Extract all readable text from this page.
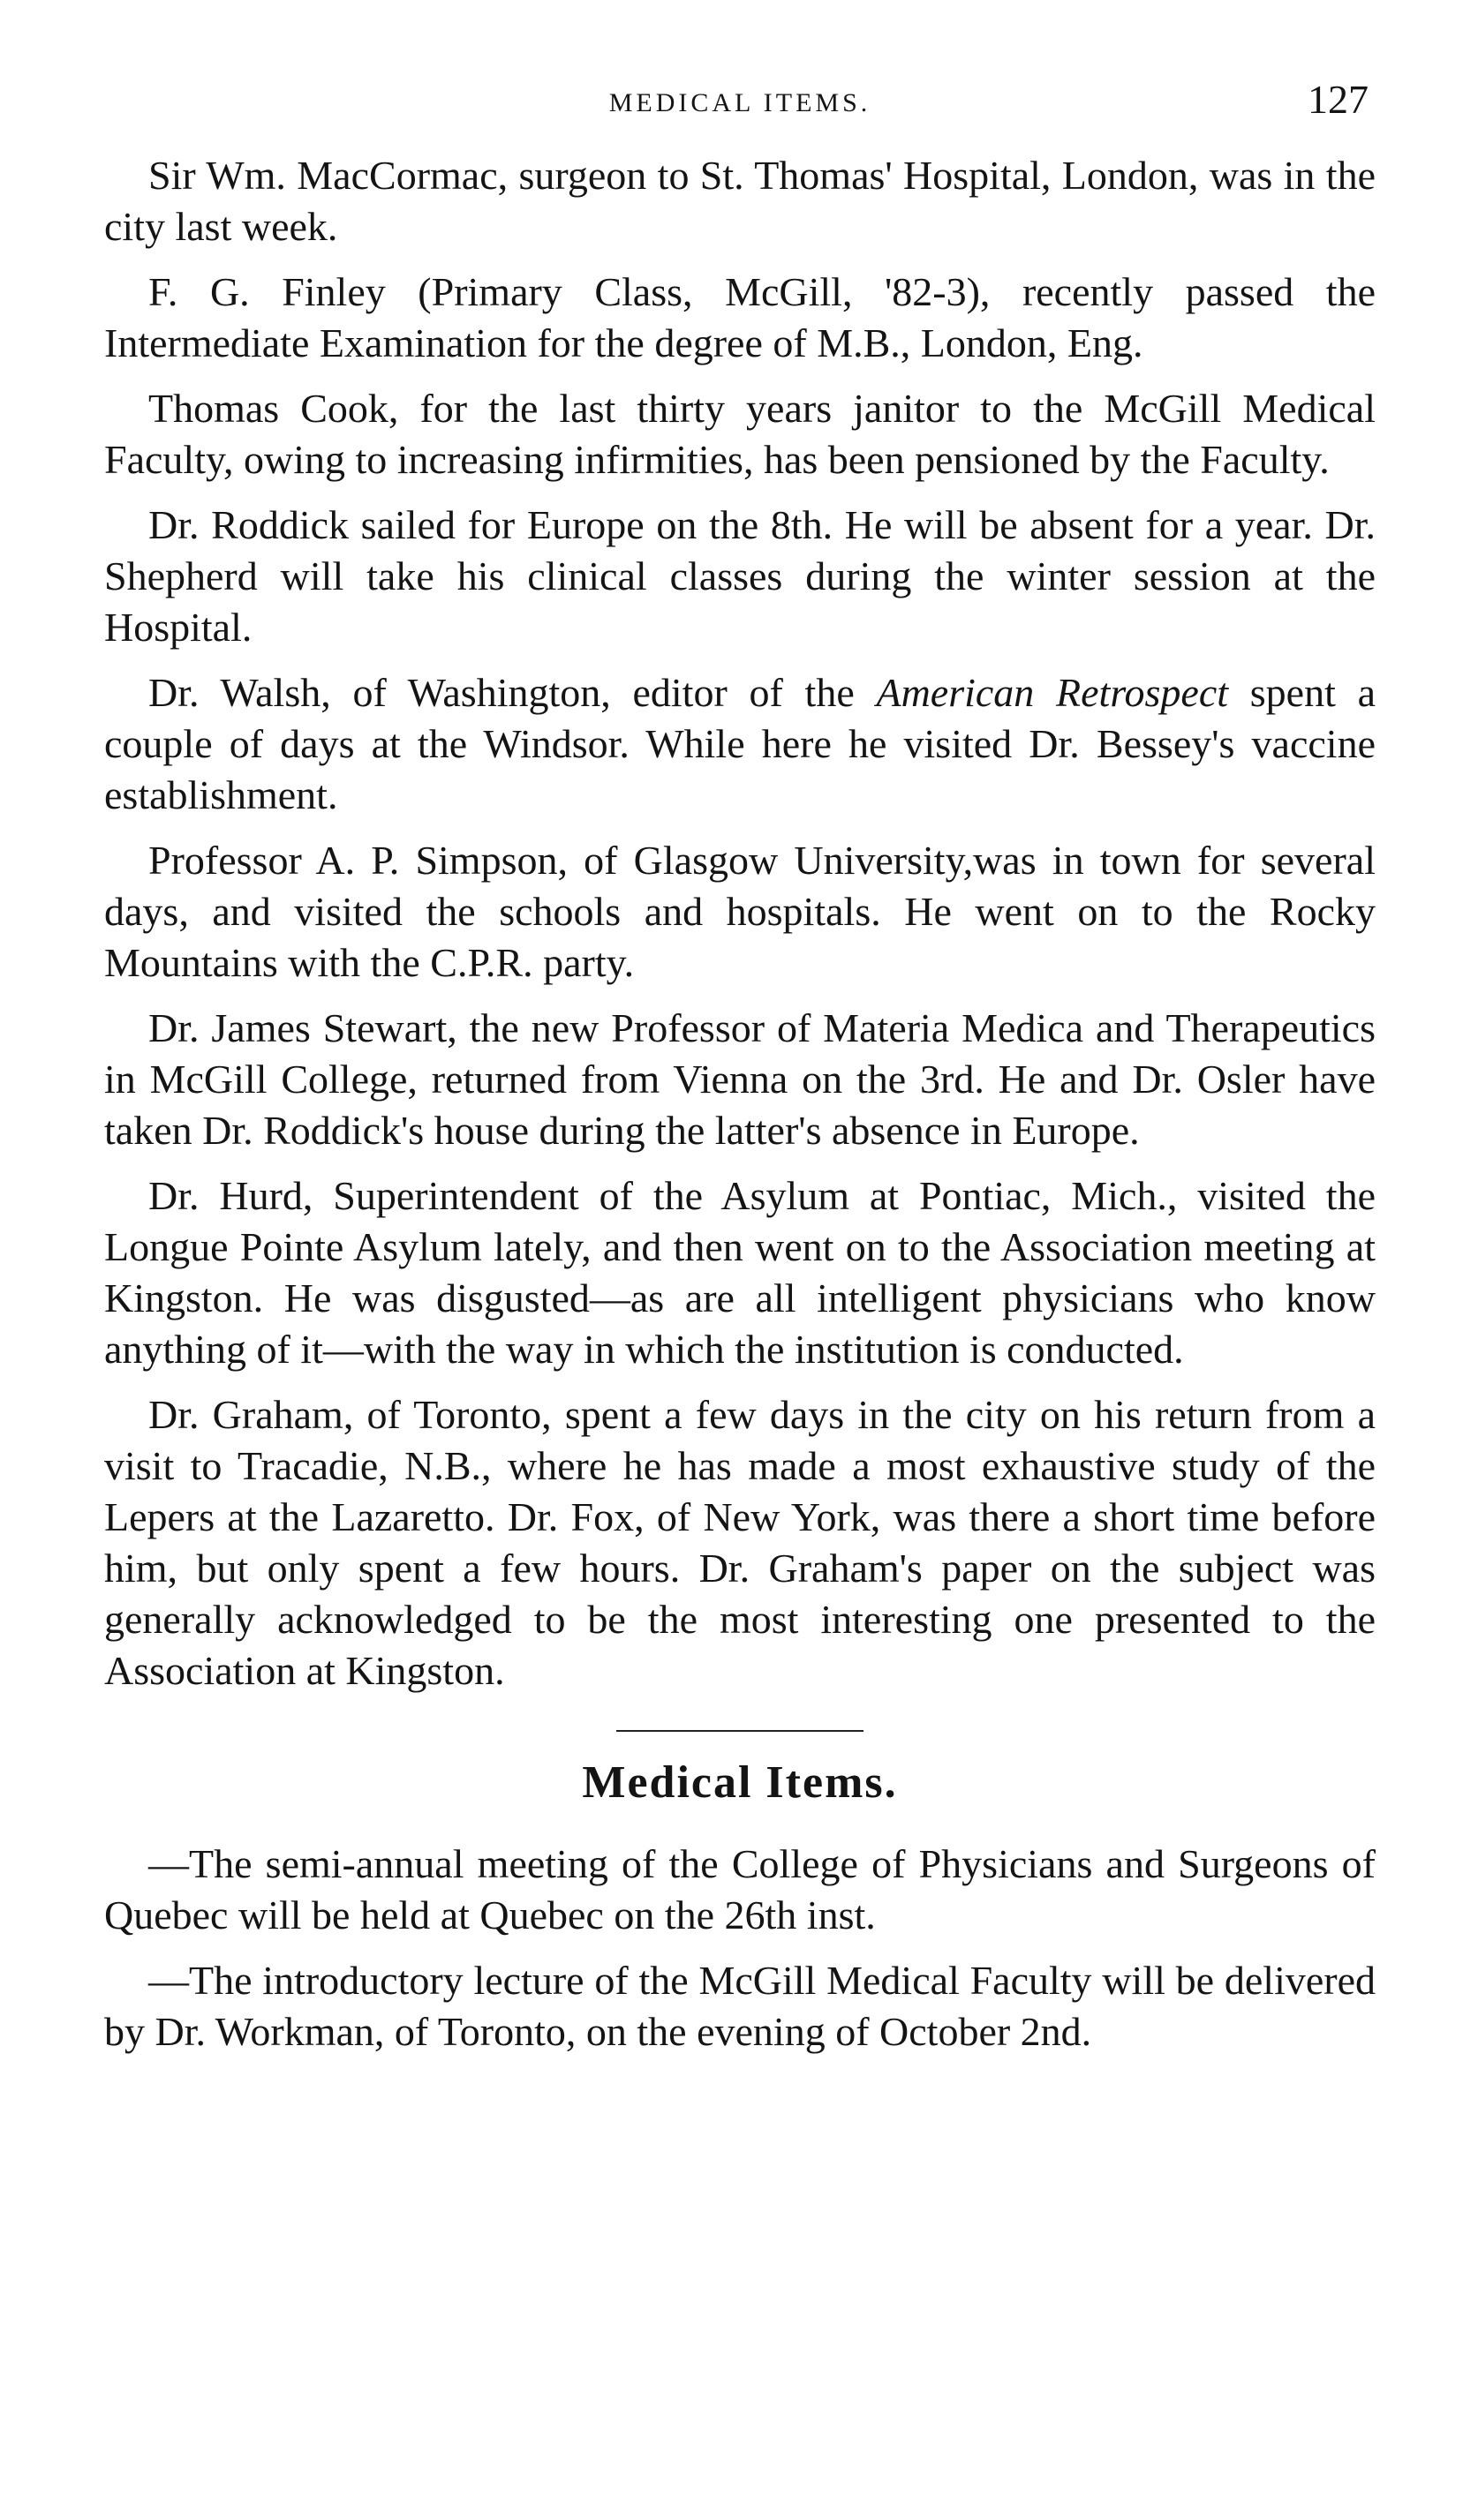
MEDICAL ITEMS.	127

Sir Wm. MacCormac, surgeon to St. Thomas' Hospital, London, was in the city last week.

F. G. Finley (Primary Class, McGill, '82-3), recently passed the Intermediate Examination for the degree of M.B., London, Eng.

Thomas Cook, for the last thirty years janitor to the McGill Medical Faculty, owing to increasing infirmities, has been pensioned by the Faculty.

Dr. Roddick sailed for Europe on the 8th. He will be absent for a year. Dr. Shepherd will take his clinical classes during the winter session at the Hospital.

Dr. Walsh, of Washington, editor of the American Retrospect spent a couple of days at the Windsor. While here he visited Dr. Bessey's vaccine establishment.

Professor A. P. Simpson, of Glasgow University,was in town for several days, and visited the schools and hospitals. He went on to the Rocky Mountains with the C.P.R. party.

Dr. James Stewart, the new Professor of Materia Medica and Therapeutics in McGill College, returned from Vienna on the 3rd. He and Dr. Osler have taken Dr. Roddick's house during the latter's absence in Europe.

Dr. Hurd, Superintendent of the Asylum at Pontiac, Mich., visited the Longue Pointe Asylum lately, and then went on to the Association meeting at Kingston. He was disgusted—as are all intelligent physicians who know anything of it—with the way in which the institution is conducted.

Dr. Graham, of Toronto, spent a few days in the city on his return from a visit to Tracadie, N.B., where he has made a most exhaustive study of the Lepers at the Lazaretto. Dr. Fox, of New York, was there a short time before him, but only spent a few hours. Dr. Graham's paper on the subject was generally acknowledged to be the most interesting one presented to the Association at Kingston.

Medical Items.

—The semi-annual meeting of the College of Physicians and Surgeons of Quebec will be held at Quebec on the 26th inst.

—The introductory lecture of the McGill Medical Faculty will be delivered by Dr. Workman, of Toronto, on the evening of October 2nd.
